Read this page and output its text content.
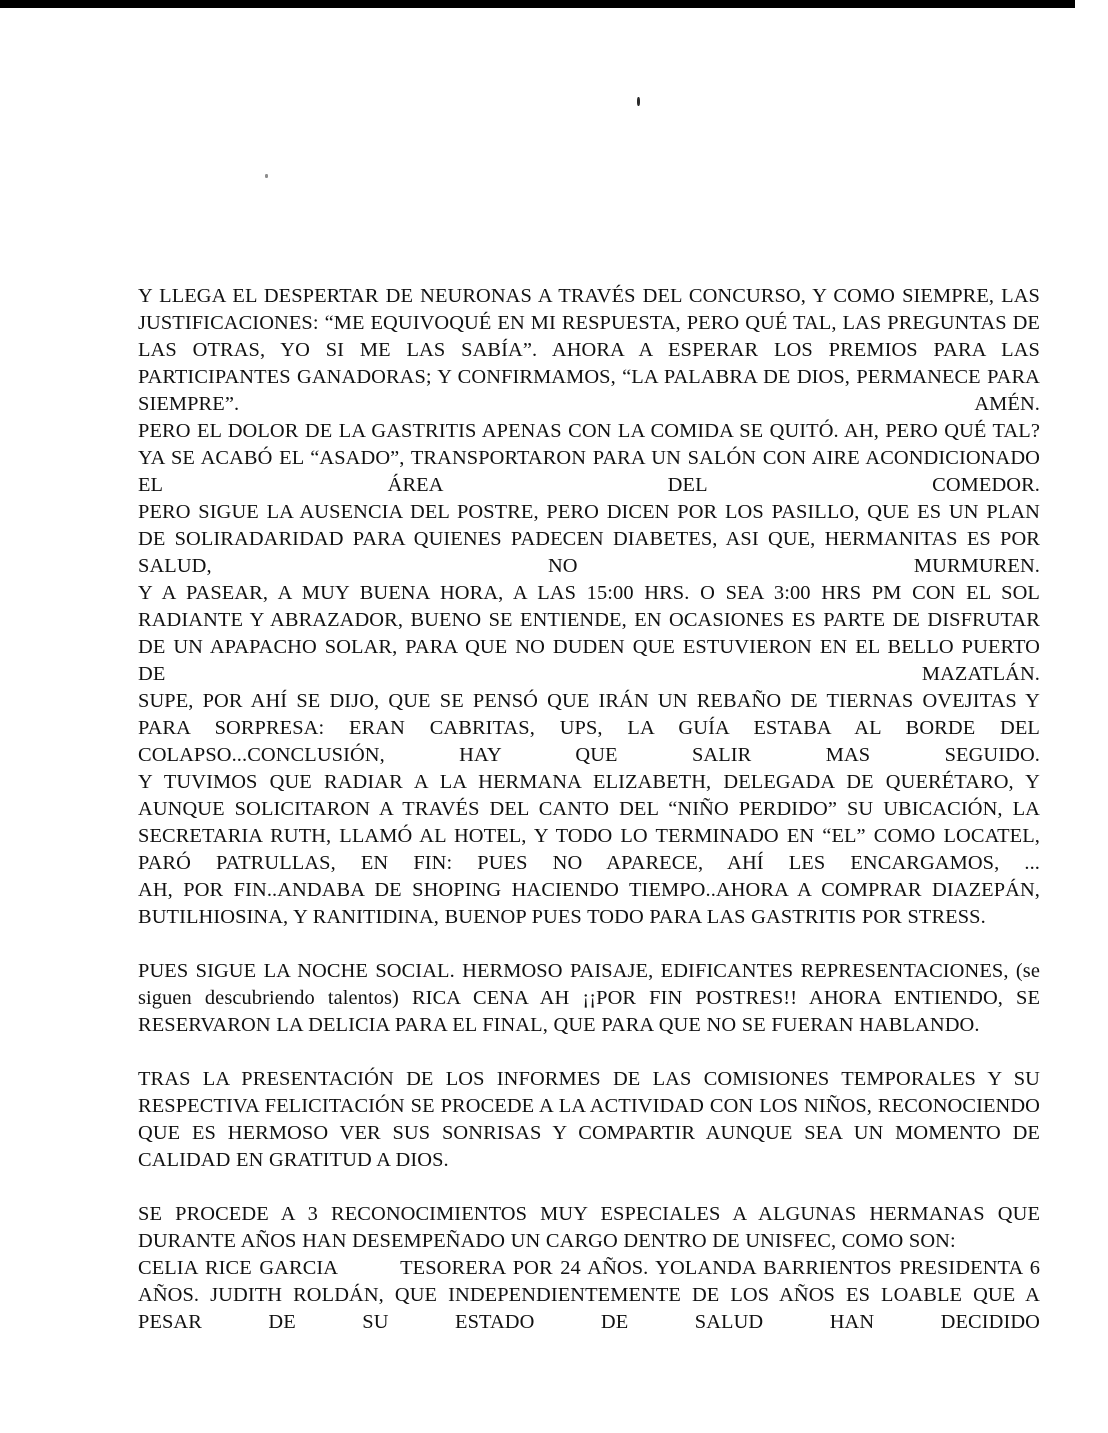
Y LLEGA EL DESPERTAR DE NEURONAS A TRAVÉS DEL CONCURSO, Y COMO SIEMPRE, LAS JUSTIFICACIONES: “ME EQUIVOQUÉ EN MI RESPUESTA, PERO QUÉ TAL, LAS PREGUNTAS DE LAS OTRAS, YO SI ME LAS SABÍA”. AHORA A ESPERAR LOS PREMIOS PARA LAS PARTICIPANTES GANADORAS; Y CONFIRMAMOS, “LA PALABRA DE DIOS, PERMANECE PARA SIEMPRE”. AMÉN.

PERO EL DOLOR DE LA GASTRITIS APENAS CON LA COMIDA SE QUITÓ. AH, PERO QUÉ TAL? YA SE ACABÓ EL “ASADO”, TRANSPORTARON PARA UN SALÓN CON AIRE ACONDICIONADO EL ÁREA DEL COMEDOR.

PERO SIGUE LA AUSENCIA DEL POSTRE, PERO DICEN POR LOS PASILLO, QUE ES UN PLAN DE SOLIRADARIDAD PARA QUIENES PADECEN DIABETES, ASI QUE, HERMANITAS ES POR SALUD, NO MURMUREN.

Y A PASEAR, A MUY BUENA HORA, A LAS 15:00 HRS. O SEA 3:00 HRS PM CON EL SOL RADIANTE Y ABRAZADOR, BUENO SE ENTIENDE, EN OCASIONES ES PARTE DE DISFRUTAR DE UN APAPACHO SOLAR, PARA QUE NO DUDEN QUE ESTUVIERON EN EL BELLO PUERTO DE MAZATLÁN.

SUPE, POR AHÍ SE DIJO, QUE SE PENSÓ QUE IRÁN UN REBAÑO DE TIERNAS OVEJITAS Y PARA SORPRESA: ERAN CABRITAS, UPS, LA GUÍA ESTABA AL BORDE DEL COLAPSO...CONCLUSIÓN, HAY QUE SALIR MAS SEGUIDO.

Y TUVIMOS QUE RADIAR A LA HERMANA ELIZABETH, DELEGADA DE QUERÉTARO, Y AUNQUE SOLICITARON A TRAVÉS DEL CANTO DEL “NIÑO PERDIDO” SU UBICACIÓN, LA SECRETARIA RUTH, LLAMÓ AL HOTEL, Y TODO LO TERMINADO EN “EL” COMO LOCATEL, PARÓ PATRULLAS, EN FIN: PUES NO APARECE, AHÍ LES ENCARGAMOS, ...

AH, POR FIN..ANDABA DE SHOPING HACIENDO TIEMPO..AHORA A COMPRAR DIAZEPÁN, BUTILHIOSINA, Y RANITIDINA, BUENOP PUES TODO PARA LAS GASTRITIS POR STRESS.

PUES SIGUE LA NOCHE SOCIAL. HERMOSO PAISAJE, EDIFICANTES REPRESENTACIONES, (se siguen descubriendo talentos) RICA CENA AH ¡¡POR FIN POSTRES!! AHORA ENTIENDO, SE RESERVARON LA DELICIA PARA EL FINAL, QUE PARA QUE NO SE FUERAN HABLANDO.

TRAS LA PRESENTACIÓN DE LOS INFORMES DE LAS COMISIONES TEMPORALES Y SU RESPECTIVA FELICITACIÓN SE PROCEDE A LA ACTIVIDAD CON LOS NIÑOS, RECONOCIENDO QUE ES HERMOSO VER SUS SONRISAS Y COMPARTIR AUNQUE SEA UN MOMENTO DE CALIDAD EN GRATITUD A DIOS.

SE PROCEDE A 3 RECONOCIMIENTOS MUY ESPECIALES A ALGUNAS HERMANAS QUE DURANTE AÑOS HAN DESEMPEÑADO UN CARGO DENTRO DE UNISFEC, COMO SON:

CELIA RICE GARCIA	TESORERA POR 24 AÑOS. YOLANDA BARRIENTOS PRESIDENTA 6 AÑOS. JUDITH ROLDÁN, QUE INDEPENDIENTEMENTE DE LOS AÑOS ES LOABLE QUE A PESAR DE SU ESTADO DE SALUD HAN DECIDIDO
